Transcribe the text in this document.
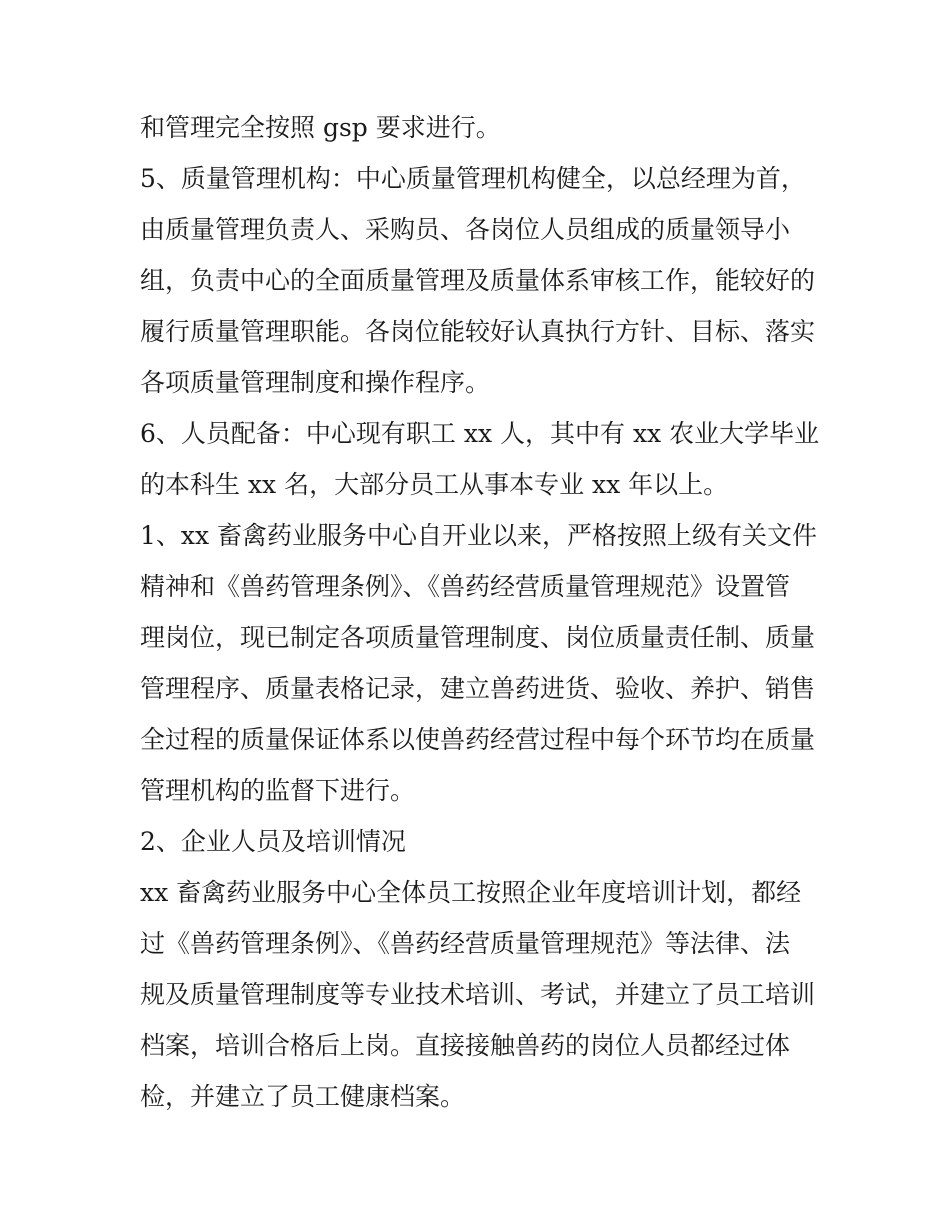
和管理完全按照 gsp 要求进行。
5、质量管理机构：中心质量管理机构健全，以总经理为首，
由质量管理负责人、采购员、各岗位人员组成的质量领导小
组，负责中心的全面质量管理及质量体系审核工作，能较好的
履行质量管理职能。各岗位能较好认真执行方针、目标、落实
各项质量管理制度和操作程序。
6、人员配备：中心现有职工 xx 人，其中有 xx 农业大学毕业
的本科生 xx 名，大部分员工从事本专业 xx 年以上。
1、xx 畜禽药业服务中心自开业以来，严格按照上级有关文件
精神和《兽药管理条例》、《兽药经营质量管理规范》设置管
理岗位，现已制定各项质量管理制度、岗位质量责任制、质量
管理程序、质量表格记录，建立兽药进货、验收、养护、销售
全过程的质量保证体系以使兽药经营过程中每个环节均在质量
管理机构的监督下进行。
2、企业人员及培训情况
xx 畜禽药业服务中心全体员工按照企业年度培训计划，都经
过《兽药管理条例》、《兽药经营质量管理规范》等法律、法
规及质量管理制度等专业技术培训、考试，并建立了员工培训
档案，培训合格后上岗。直接接触兽药的岗位人员都经过体
检，并建立了员工健康档案。
